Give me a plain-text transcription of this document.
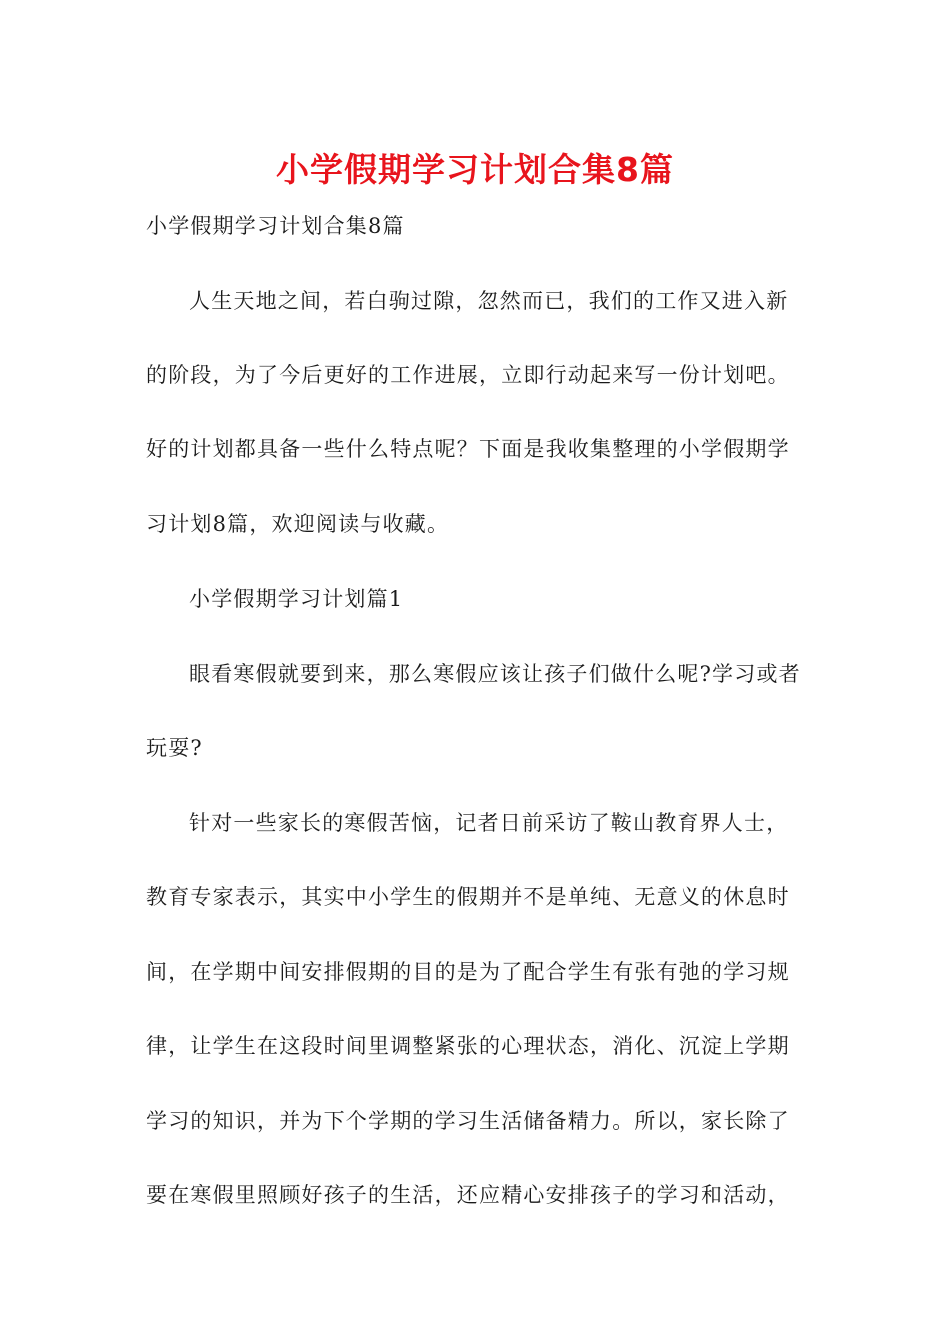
小学假期学习计划合集8篇
小学假期学习计划合集8篇
人生天地之间，若白驹过隙，忽然而已，我们的工作又进入新
的阶段，为了今后更好的工作进展，立即行动起来写一份计划吧。
好的计划都具备一些什么特点呢？下面是我收集整理的小学假期学
习计划8篇，欢迎阅读与收藏。
小学假期学习计划篇1
眼看寒假就要到来，那么寒假应该让孩子们做什么呢?学习或者
玩耍?
针对一些家长的寒假苦恼，记者日前采访了鞍山教育界人士，
教育专家表示，其实中小学生的假期并不是单纯、无意义的休息时
间，在学期中间安排假期的目的是为了配合学生有张有弛的学习规
律，让学生在这段时间里调整紧张的心理状态，消化、沉淀上学期
学习的知识，并为下个学期的学习生活储备精力。所以，家长除了
要在寒假里照顾好孩子的生活，还应精心安排孩子的学习和活动，
